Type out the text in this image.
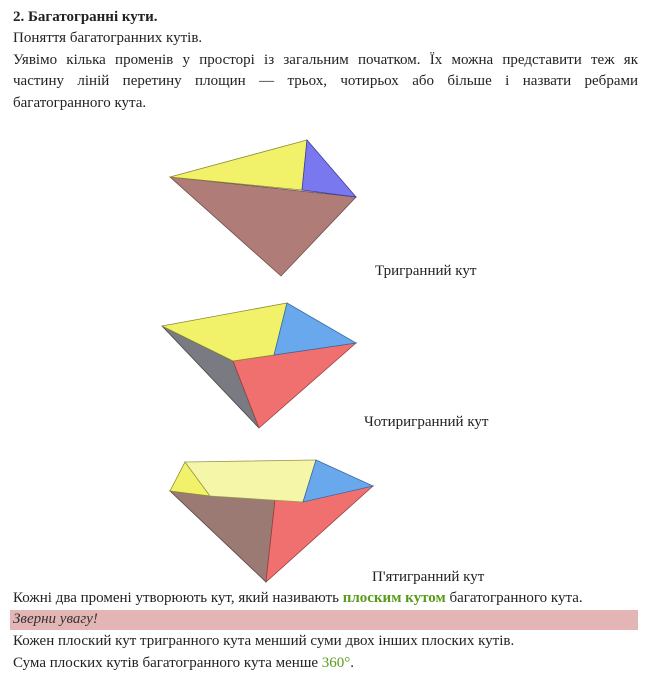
2. Багатогранні кути.
Поняття багатогранних кутів.
Уявімо кілька променів у просторі із загальним початком. Їх можна представити теж як
частину ліній перетину площин — трьох, чотирьох або більше і назвати ребрами
багатогранного кута.
Тригранний кут
Чотиригранний кут
П'ятигранний кут
Кожні два промені утворюють кут, який називають плоским кутом багатогранного кута.
Зверни увагу!
Кожен плоский кут тригранного кута менший суми двох інших плоских кутів.
Сума плоских кутів багатогранного кута менше 360°.
